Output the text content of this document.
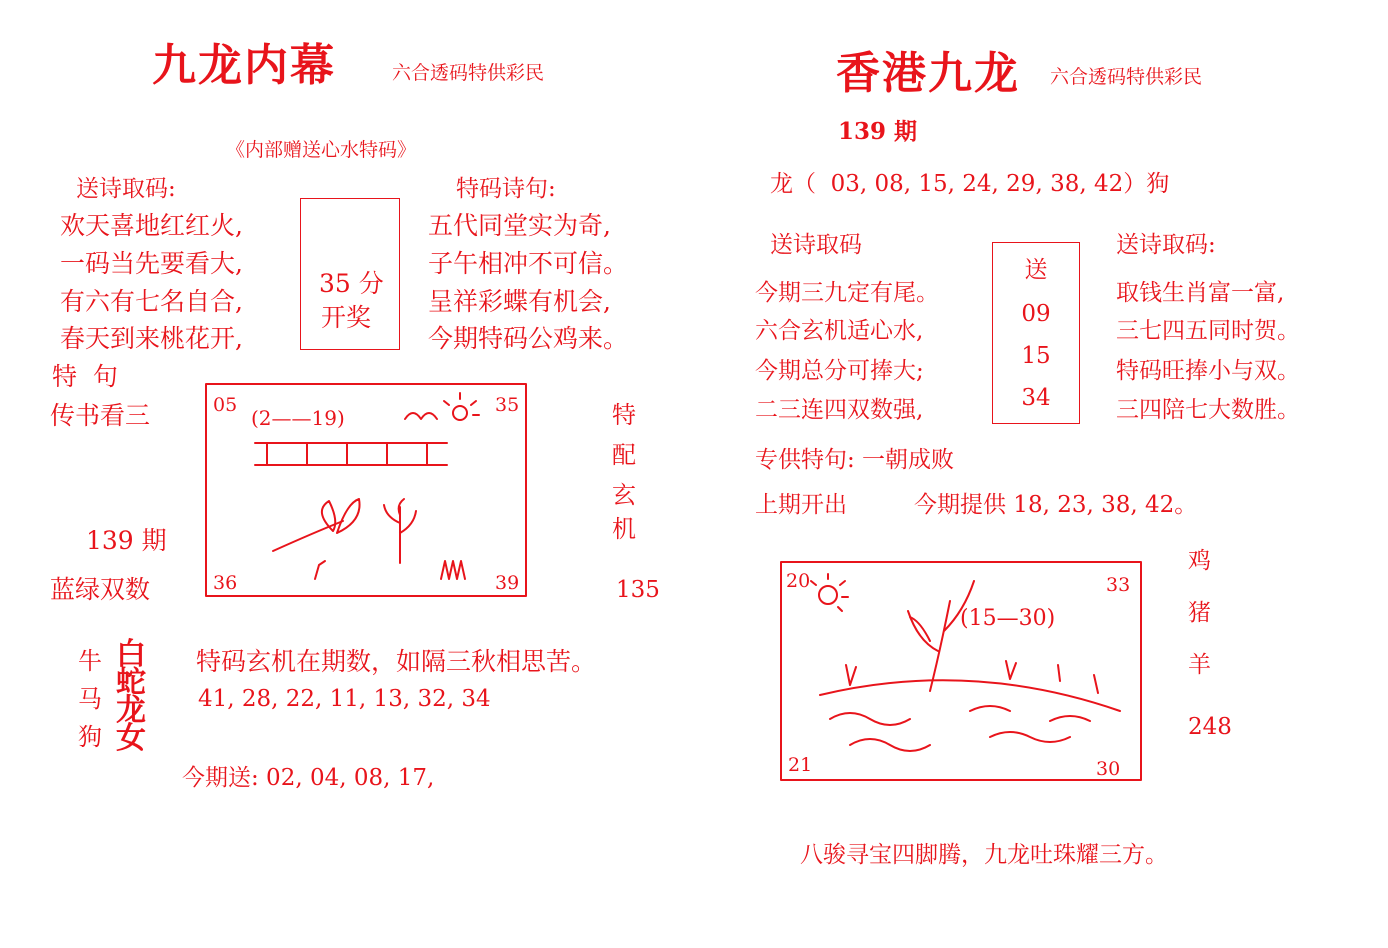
九龙内幕	六合透码特供彩民
《内部赠送心水特码》
送诗取码:	特码诗句:
欢天喜地红红火,
一码当先要看大,
有六有七名自合,
春天到来桃花开,
35 分
开奖
五代同堂实为奇,
子午相冲不可信。
呈祥彩蝶有机会,
今期特码公鸡来。
特  句
传书看三
139 期
蓝绿双数
05	35
36	39
(2——19)	特
配
玄
机
135
牛
马
狗
白
蛇
龙
女
特码玄机在期数，如隔三秋相思苦。
41, 28, 22, 11, 13, 32, 34
今期送: 02, 04, 08, 17,
香港九龙 六合透码特供彩民
139 期
龙（  03, 08, 15, 24, 29, 38, 42）狗
送诗取码	送诗取码:
今期三九定有尾。
六合玄机适心水,
今期总分可捧大;
二三连四双数强,
送
09
15
34
取钱生肖富一富,
三七四五同时贺。
特码旺捧小与双。
三四陪七大数胜。
专供特句: 一朝成败
上期开出	今期提供 18, 23, 38, 42。
20	33
21	30
(15—30)
鸡
猪
羊
248
八骏寻宝四脚腾，九龙吐珠耀三方。
